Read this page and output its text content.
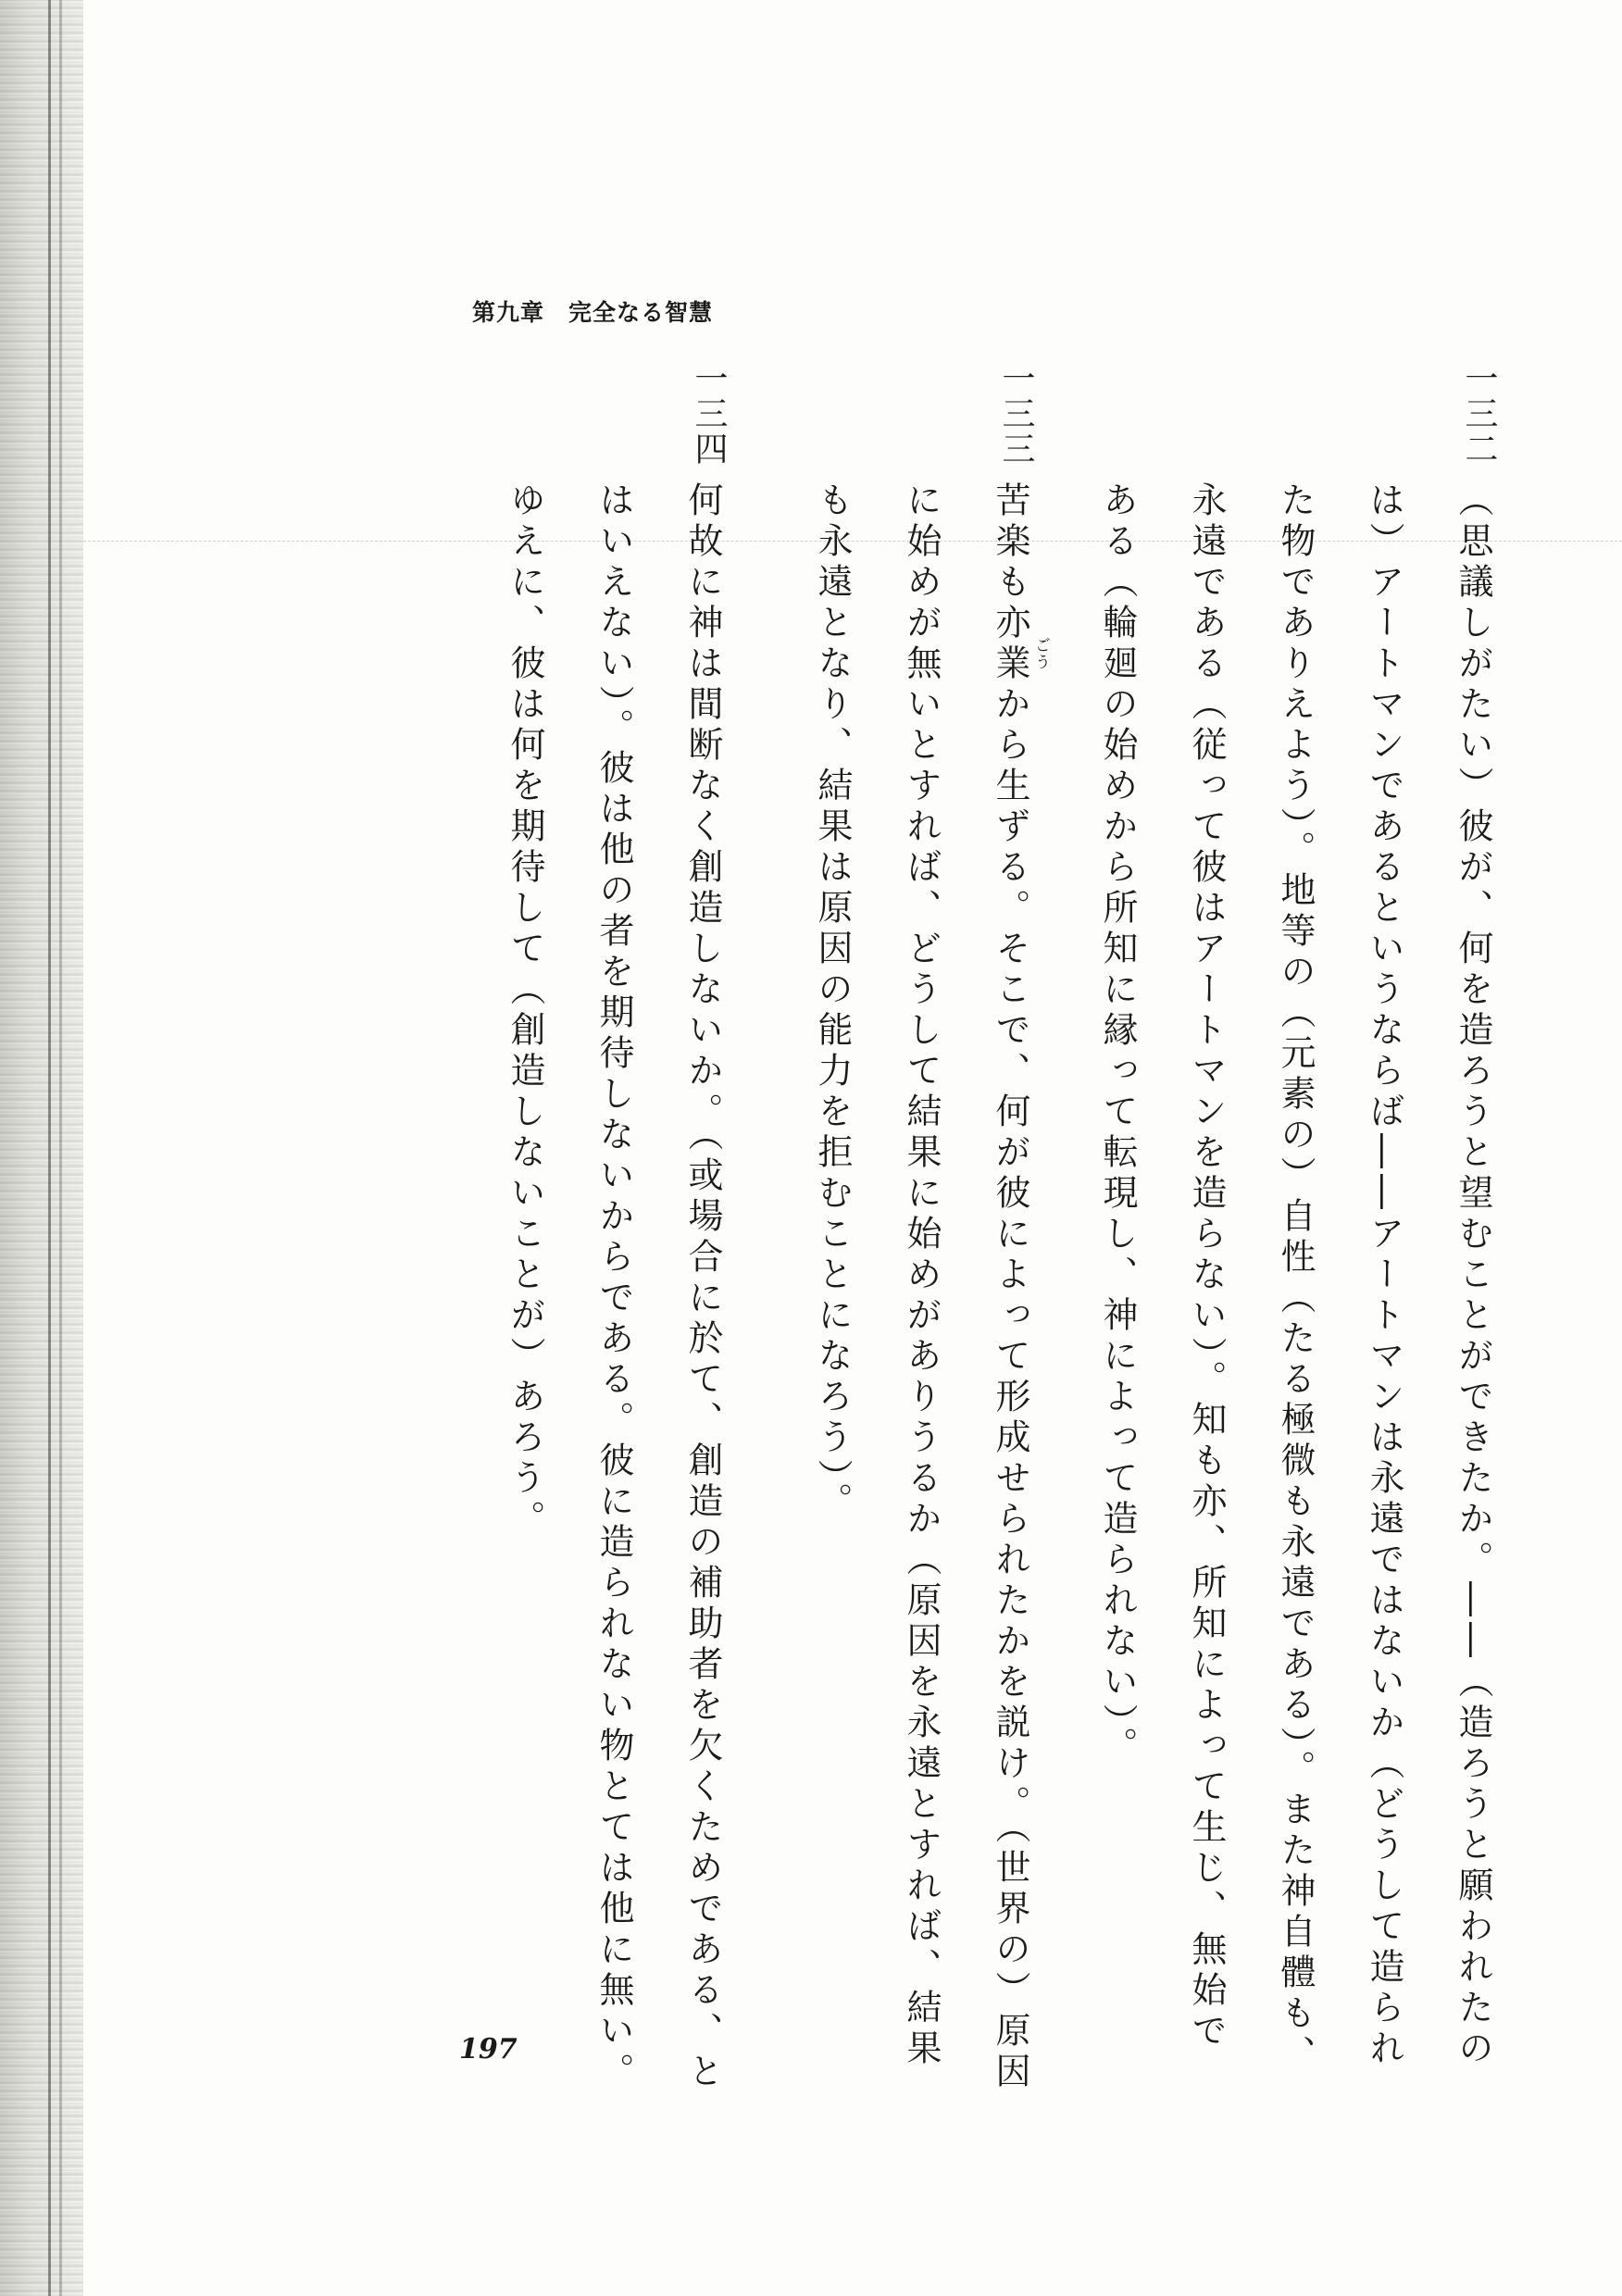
第九章　完全なる智慧
一三二
（思議しがたい）彼が、何を造ろうと望むことができたか。――（造ろうと願われたの
は）アートマンであるというならば――アートマンは永遠ではないか（どうして造られ
た物でありえよう）。地等の（元素の）自性（たる極微も永遠である）。また神自體も、
永遠である（従って彼はアートマンを造らない）。知も亦、所知によって生じ、無始で
ある（輪廻の始めから所知に縁って転現し、神によって造られない）。
一三三
苦楽も亦業から生ずる。そこで、何が彼によって形成せられたかを説け。（世界の）原因 ごう
に始めが無いとすれば、どうして結果に始めがありうるか（原因を永遠とすれば、結果
も永遠となり、結果は原因の能力を拒むことになろう）。
一三四
何故に神は間断なく創造しないか。（或場合に於て、創造の補助者を欠くためである、と
はいえない）。彼は他の者を期待しないからである。彼に造られない物とては他に無い。
ゆえに、彼は何を期待して（創造しないことが）あろう。
197
